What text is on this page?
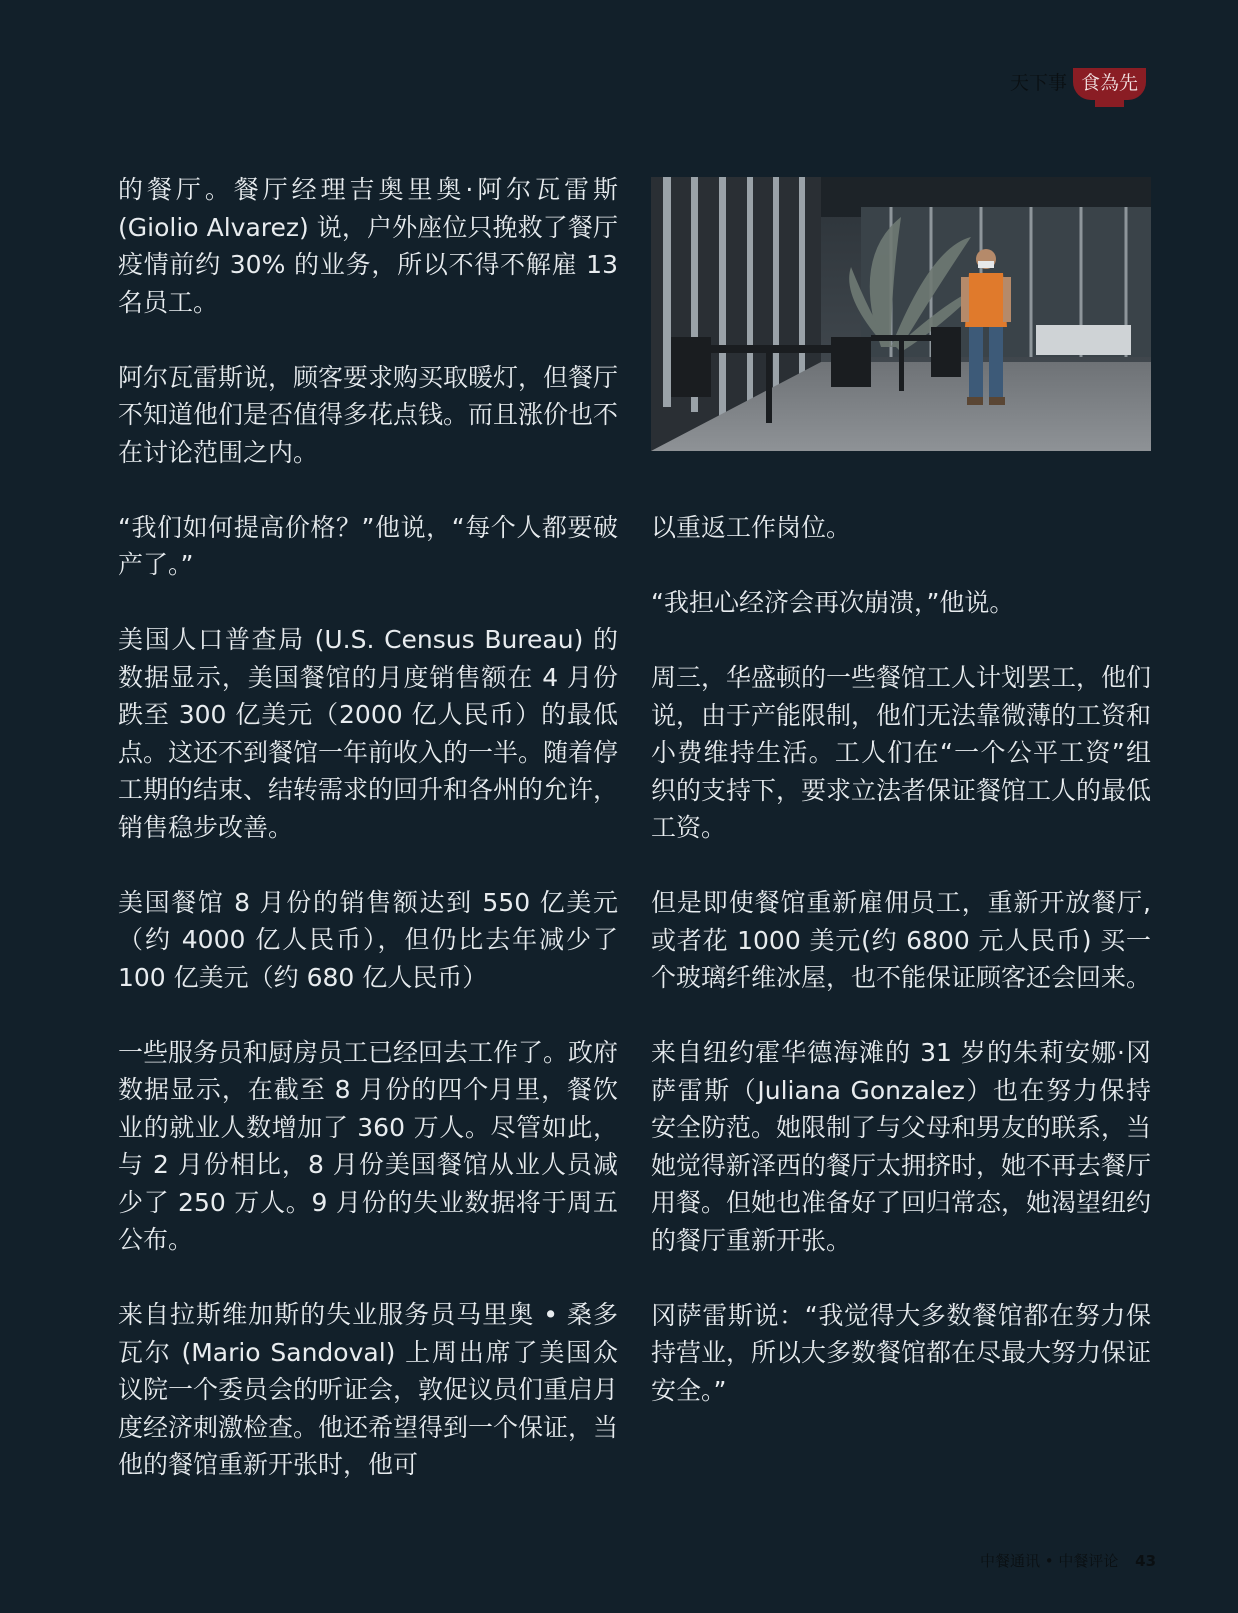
天下事 食為先

的餐厅。餐厅经理吉奥里奥·阿尔瓦雷斯(Giolio Alvarez) 说，户外座位只挽救了餐厅疫情前约 30% 的业务，所以不得不解雇 13 名员工。

阿尔瓦雷斯说，顾客要求购买取暖灯，但餐厅不知道他们是否值得多花点钱。而且涨价也不在讨论范围之内。

“我们如何提高价格？”他说，“每个人都要破产了。”

美国人口普查局 (U.S. Census Bureau) 的数据显示，美国餐馆的月度销售额在 4 月份跌至 300 亿美元（2000 亿人民币）的最低点。这还不到餐馆一年前收入的一半。随着停工期的结束、结转需求的回升和各州的允许，销售稳步改善。

美国餐馆 8 月份的销售额达到 550 亿美元（约 4000 亿人民币），但仍比去年减少了 100 亿美元（约 680 亿人民币）

一些服务员和厨房员工已经回去工作了。政府数据显示，在截至 8 月份的四个月里，餐饮业的就业人数增加了 360 万人。尽管如此，与 2 月份相比，8 月份美国餐馆从业人员减少了 250 万人。9 月份的失业数据将于周五公布。

来自拉斯维加斯的失业服务员马里奥 • 桑多瓦尔 (Mario Sandoval) 上周出席了美国众议院一个委员会的听证会，敦促议员们重启月度经济刺激检查。他还希望得到一个保证，当他的餐馆重新开张时，他可

以重返工作岗位。

“我担心经济会再次崩溃，”他说。

周三，华盛顿的一些餐馆工人计划罢工，他们说，由于产能限制，他们无法靠微薄的工资和小费维持生活。工人们在“一个公平工资”组织的支持下，要求立法者保证餐馆工人的最低工资。

但是即使餐馆重新雇佣员工，重新开放餐厅,或者花 1000 美元(约 6800 元人民币) 买一个玻璃纤维冰屋，也不能保证顾客还会回来。

来自纽约霍华德海滩的 31 岁的朱莉安娜·冈萨雷斯（Juliana Gonzalez）也在努力保持安全防范。她限制了与父母和男友的联系，当她觉得新泽西的餐厅太拥挤时，她不再去餐厅用餐。但她也准备好了回归常态，她渴望纽约的餐厅重新开张。

冈萨雷斯说：“我觉得大多数餐馆都在努力保持营业，所以大多数餐馆都在尽最大努力保证安全。”

中餐通讯 • 中餐评论 43
